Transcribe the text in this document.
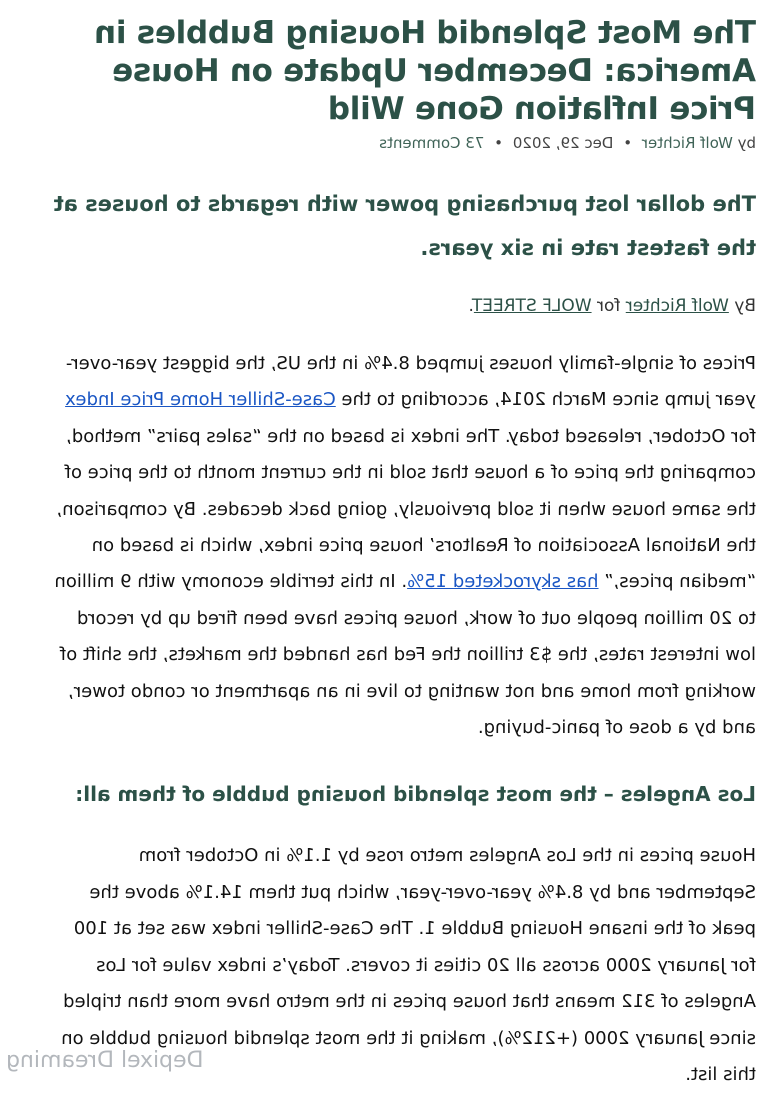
The Most Splendid Housing Bubbles in America: December Update on House Price Inflation Gone Wild
by Wolf Richter • Dec 29, 2020 • 73 Comments
The dollar lost purchasing power with regards to houses at the fastest rate in six years.
By Wolf Richter for WOLF STREET.

Prices of single-family houses jumped 8.4% in the US, the biggest year-over-year jump since March 2014, according to the Case-Shiller Home Price Index for October, released today. The index is based on the “sales pairs” method, comparing the price of a house that sold in the current month to the price of the same house when it sold previously, going back decades. By comparison, the National Association of Realtors’ house price index, which is based on “median prices,” has skyrocketed 15%. In this terrible economy with 9 million to 20 million people out of work, house prices have been fired up by record low interest rates, the $3 trillion the Fed has handed the markets, the shift of working from home and not wanting to live in an apartment or condo tower, and by a dose of panic-buying.

Los Angeles – the most splendid housing bubble of them all:

House prices in the Los Angeles metro rose by 1.1% in October from September and by 8.4% year-over-year, which put them 14.1% above the peak of the insane Housing Bubble 1. The Case-Shiller index was set at 100 for January 2000 across all 20 cities it covers. Today’s index value for Los Angeles of 312 means that house prices in the metro have more than tripled since January 2000 (+212%), making it the most splendid housing bubble on this list.

Depixel Dreaming
